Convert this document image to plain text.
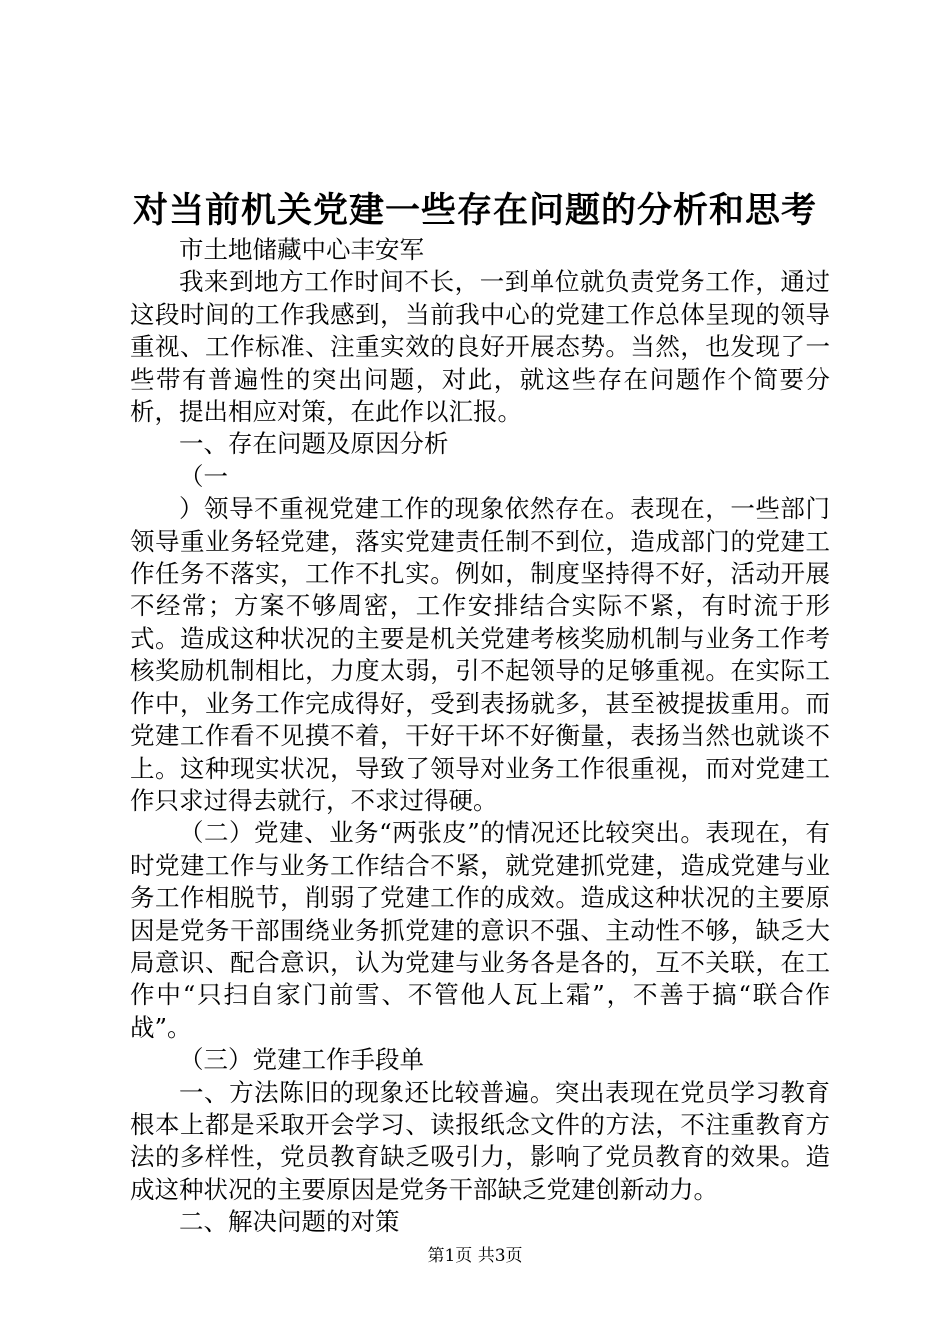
对当前机关党建一些存在问题的分析和思考

市土地储藏中心丰安军

我来到地方工作时间不长，一到单位就负责党务工作，通过这段时间的工作我感到，当前我中心的党建工作总体呈现的领导重视、工作标准、注重实效的良好开展态势。当然，也发现了一些带有普遍性的突出问题，对此，就这些存在问题作个简要分析，提出相应对策，在此作以汇报。

一、存在问题及原因分析

（一

）领导不重视党建工作的现象依然存在。表现在，一些部门领导重业务轻党建，落实党建责任制不到位，造成部门的党建工作任务不落实，工作不扎实。例如，制度坚持得不好，活动开展不经常；方案不够周密，工作安排结合实际不紧，有时流于形式。造成这种状况的主要是机关党建考核奖励机制与业务工作考核奖励机制相比，力度太弱，引不起领导的足够重视。在实际工作中，业务工作完成得好，受到表扬就多，甚至被提拔重用。而党建工作看不见摸不着，干好干坏不好衡量，表扬当然也就谈不上。这种现实状况，导致了领导对业务工作很重视，而对党建工作只求过得去就行，不求过得硬。

（二）党建、业务“两张皮”的情况还比较突出。表现在，有时党建工作与业务工作结合不紧，就党建抓党建，造成党建与业务工作相脱节，削弱了党建工作的成效。造成这种状况的主要原因是党务干部围绕业务抓党建的意识不强、主动性不够，缺乏大局意识、配合意识，认为党建与业务各是各的，互不关联，在工作中“只扫自家门前雪、不管他人瓦上霜”，不善于搞“联合作战”。

（三）党建工作手段单

一、方法陈旧的现象还比较普遍。突出表现在党员学习教育根本上都是采取开会学习、读报纸念文件的方法，不注重教育方法的多样性，党员教育缺乏吸引力，影响了党员教育的效果。造成这种状况的主要原因是党务干部缺乏党建创新动力。

二、解决问题的对策

第1页 共3页
